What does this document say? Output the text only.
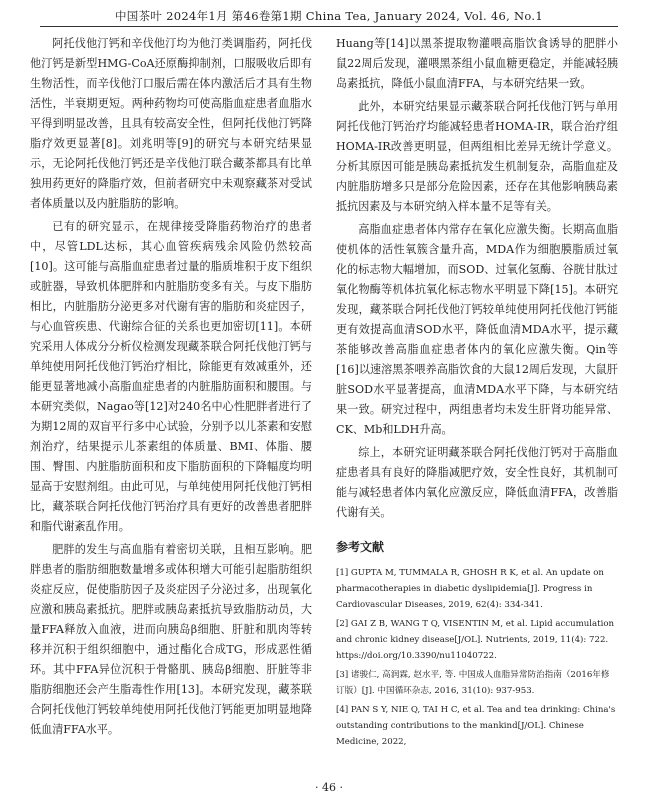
中国茶叶 2024年1月 第46卷第1期 China Tea, January 2024, Vol. 46, No.1

阿托伐他汀钙和辛伐他汀均为他汀类调脂药，阿托伐他汀钙是新型HMG-CoA还原酶抑制剂，口服吸收后即有生物活性，而辛伐他汀口服后需在体内激活后才具有生物活性，半衰期更短。两种药物均可使高脂血症患者血脂水平得到明显改善，且具有较高安全性，但阿托伐他汀钙降脂疗效更显著[8]。刘兆明等[9]的研究与本研究结果显示，无论阿托伐他汀钙还是辛伐他汀联合藏茶都具有比单独用药更好的降脂疗效，但前者研究中未观察藏茶对受试者体质量以及内脏脂肪的影响。

已有的研究显示，在规律接受降脂药物治疗的患者中，尽管LDL达标，其心血管疾病残余风险仍然较高[10]。这可能与高脂血症患者过量的脂质堆积于皮下组织或脏器，导致机体肥胖和内脏脂肪变多有关。与皮下脂肪相比，内脏脂肪分泌更多对代谢有害的脂肪和炎症因子，与心血管疾患、代谢综合征的关系也更加密切[11]。本研究采用人体成分分析仪检测发现藏茶联合阿托伐他汀钙与单纯使用阿托伐他汀钙治疗相比，除能更有效减重外，还能更显著地减小高脂血症患者的内脏脂肪面积和腰围。与本研究类似，Nagao等[12]对240名中心性肥胖者进行了为期12周的双盲平行多中心试验，分别予以儿茶素和安慰剂治疗，结果提示儿茶素组的体质量、BMI、体脂、腰围、臀围、内脏脂肪面积和皮下脂肪面积的下降幅度均明显高于安慰剂组。由此可见，与单纯使用阿托伐他汀钙相比，藏茶联合阿托伐他汀钙治疗具有更好的改善患者肥胖和脂代谢紊乱作用。

肥胖的发生与高血脂有着密切关联，且相互影响。肥胖患者的脂肪细胞数量增多或体积增大可能引起脂肪组织炎症反应，促使脂肪因子及炎症因子分泌过多，出现氧化应激和胰岛素抵抗。肥胖或胰岛素抵抗导致脂肪动员，大量FFA释放入血液，进而向胰岛β细胞、肝脏和肌肉等转移并沉积于组织细胞中，通过酯化合成TG，形成恶性循环。其中FFA异位沉积于骨骼肌、胰岛β细胞、肝脏等非脂肪细胞还会产生脂毒性作用[13]。本研究发现，藏茶联合阿托伐他汀钙较单纯使用阿托伐他汀钙能更加明显地降低血清FFA水平。

Huang等[14]以黑茶提取物灌喂高脂饮食诱导的肥胖小鼠22周后发现，灌喂黑茶组小鼠血糖更稳定，并能减轻胰岛素抵抗，降低小鼠血清FFA，与本研究结果一致。

此外，本研究结果显示藏茶联合阿托伐他汀钙与单用阿托伐他汀钙治疗均能减轻患者HOMA-IR，联合治疗组HOMA-IR改善更明显，但两组相比差异无统计学意义。分析其原因可能是胰岛素抵抗发生机制复杂，高脂血症及内脏脂肪增多只是部分危险因素，还存在其他影响胰岛素抵抗因素及与本研究纳入样本量不足等有关。

高脂血症患者体内常存在氧化应激失衡。长期高血脂使机体的活性氧簇含量升高，MDA作为细胞膜脂质过氧化的标志物大幅增加，而SOD、过氧化氢酶、谷胱甘肽过氧化物酶等机体抗氧化标志物水平明显下降[15]。本研究发现，藏茶联合阿托伐他汀钙较单纯使用阿托伐他汀钙能更有效提高血清SOD水平，降低血清MDA水平，提示藏茶能够改善高脂血症患者体内的氧化应激失衡。Qin等[16]以速溶黑茶喂养高脂饮食的大鼠12周后发现，大鼠肝脏SOD水平显著提高，血清MDA水平下降，与本研究结果一致。研究过程中，两组患者均未发生肝肾功能异常、CK、Mb和LDH升高。

综上，本研究证明藏茶联合阿托伐他汀钙对于高脂血症患者具有良好的降脂减肥疗效，安全性良好，其机制可能与减轻患者体内氧化应激反应，降低血清FFA，改善脂代谢有关。

参考文献
[1] GUPTA M, TUMMALA R, GHOSH R K, et al. An update on pharmacotherapies in diabetic dyslipidemia[J]. Progress in Cardiovascular Diseases, 2019, 62(4): 334-341.
[2] GAI Z B, WANG T Q, VISENTIN M, et al. Lipid accumulation and chronic kidney disease[J/OL]. Nutrients, 2019, 11(4): 722. https://doi.org/10.3390/nu11040722.
[3] 诸骏仁, 高润霖, 赵水平, 等. 中国成人血脂异常防治指南（2016年修订版）[J]. 中国循环杂志, 2016, 31(10): 937-953.
[4] PAN S Y, NIE Q, TAI H C, et al. Tea and tea drinking: China's outstanding contributions to the mankind[J/OL]. Chinese Medicine, 2022,
· 46 ·
